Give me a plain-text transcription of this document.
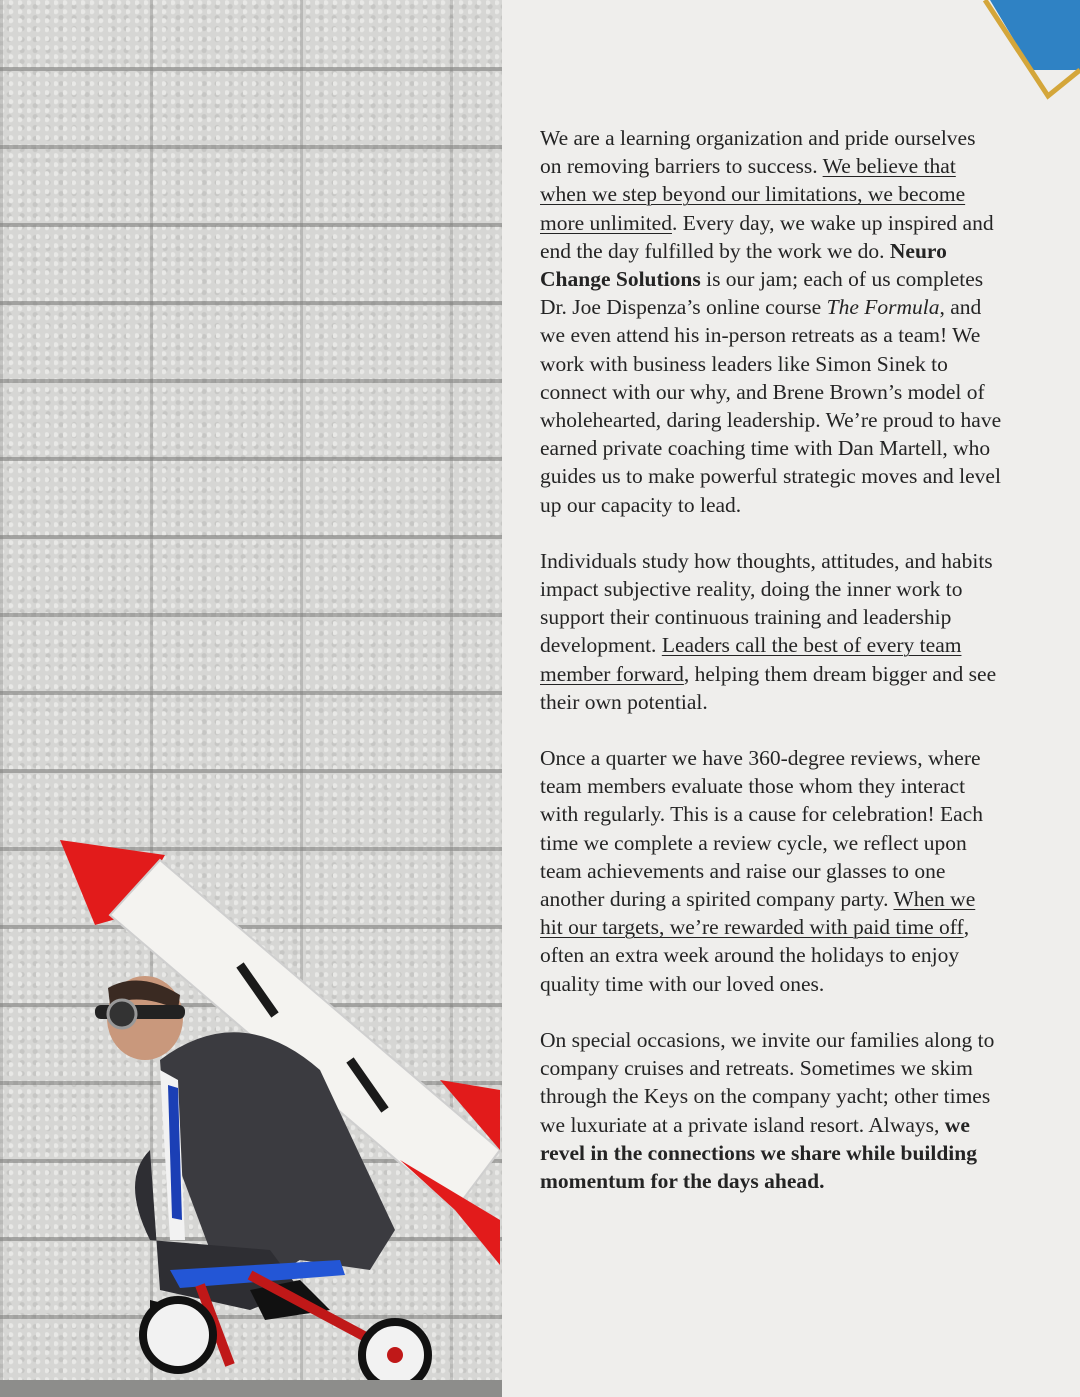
We are a learning organization and pride ourselves on removing barriers to success. We believe that when we step beyond our limitations, we become more unlimited. Every day, we wake up inspired and end the day fulfilled by the work we do. Neuro Change Solutions is our jam; each of us completes Dr. Joe Dispenza’s online course The Formula, and we even attend his in-person retreats as a team! We work with business leaders like Simon Sinek to connect with our why, and Brene Brown’s model of wholehearted, daring leadership. We’re proud to have earned private coaching time with Dan Martell, who guides us to make powerful strategic moves and level up our capacity to lead.

Individuals study how thoughts, attitudes, and habits impact subjective reality, doing the inner work to support their continuous training and leadership development. Leaders call the best of every team member forward, helping them dream bigger and see their own potential.

Once a quarter we have 360-degree reviews, where team members evaluate those whom they interact with regularly. This is a cause for celebration! Each time we complete a review cycle, we reflect upon team achievements and raise our glasses to one another during a spirited company party. When we hit our targets, we’re rewarded with paid time off, often an extra week around the holidays to enjoy quality time with our loved ones.

On special occasions, we invite our families along to company cruises and retreats. Sometimes we skim through the Keys on the company yacht; other times we luxuriate at a private island resort. Always, we revel in the connections we share while building momentum for the days ahead.
